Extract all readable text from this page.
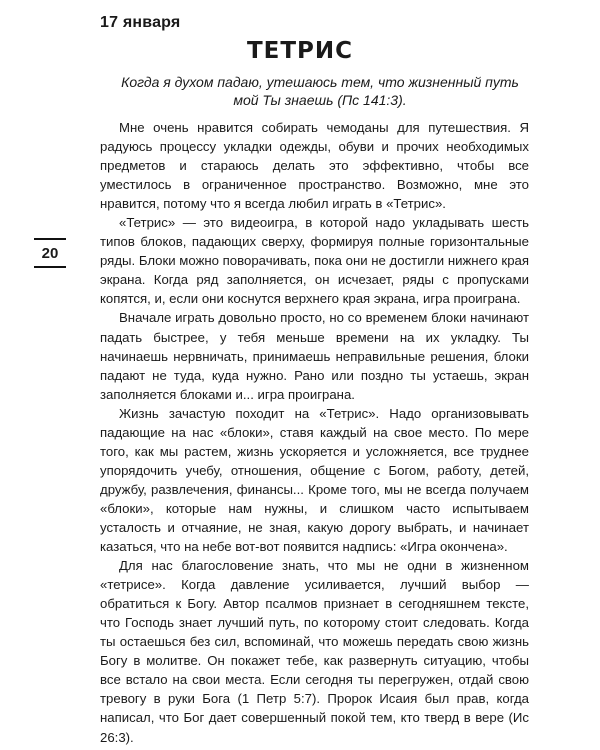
17 января
ТЕТРИС
Когда я духом падаю, утешаюсь тем, что жизненный путь мой Ты знаешь (Пс 141:3).
20

Мне очень нравится собирать чемоданы для путешествия. Я радуюсь процессу укладки одежды, обуви и прочих необходимых предметов и стараюсь делать это эффективно, чтобы все уместилось в ограниченное пространство. Возможно, мне это нравится, потому что я всегда любил играть в «Тетрис».

«Тетрис» — это видеоигра, в которой надо укладывать шесть типов блоков, падающих сверху, формируя полные горизонтальные ряды. Блоки можно поворачивать, пока они не достигли нижнего края экрана. Когда ряд заполняется, он исчезает, ряды с пропусками копятся, и, если они коснутся верхнего края экрана, игра проиграна.

Вначале играть довольно просто, но со временем блоки начинают падать быстрее, у тебя меньше времени на их укладку. Ты начинаешь нервничать, принимаешь неправильные решения, блоки падают не туда, куда нужно. Рано или поздно ты устаешь, экран заполняется блоками и... игра проиграна.

Жизнь зачастую походит на «Тетрис». Надо организовывать падающие на нас «блоки», ставя каждый на свое место. По мере того, как мы растем, жизнь ускоряется и усложняется, все труднее упорядочить учебу, отношения, общение с Богом, работу, детей, дружбу, развлечения, финансы... Кроме того, мы не всегда получаем «блоки», которые нам нужны, и слишком часто испытываем усталость и отчаяние, не зная, какую дорогу выбрать, и начинает казаться, что на небе вот-вот появится надпись: «Игра окончена».

Для нас благословение знать, что мы не одни в жизненном «тетрисе». Когда давление усиливается, лучший выбор — обратиться к Богу. Автор псалмов признает в сегодняшнем тексте, что Господь знает лучший путь, по которому стоит следовать. Когда ты остаешься без сил, вспоминай, что можешь передать свою жизнь Богу в молитве. Он покажет тебе, как развернуть ситуацию, чтобы все встало на свои места. Если сегодня ты перегружен, отдай свою тревогу в руки Бога (1 Петр 5:7). Пророк Исаия был прав, когда написал, что Бог дает совершенный покой тем, кто тверд в вере (Ис 26:3).
